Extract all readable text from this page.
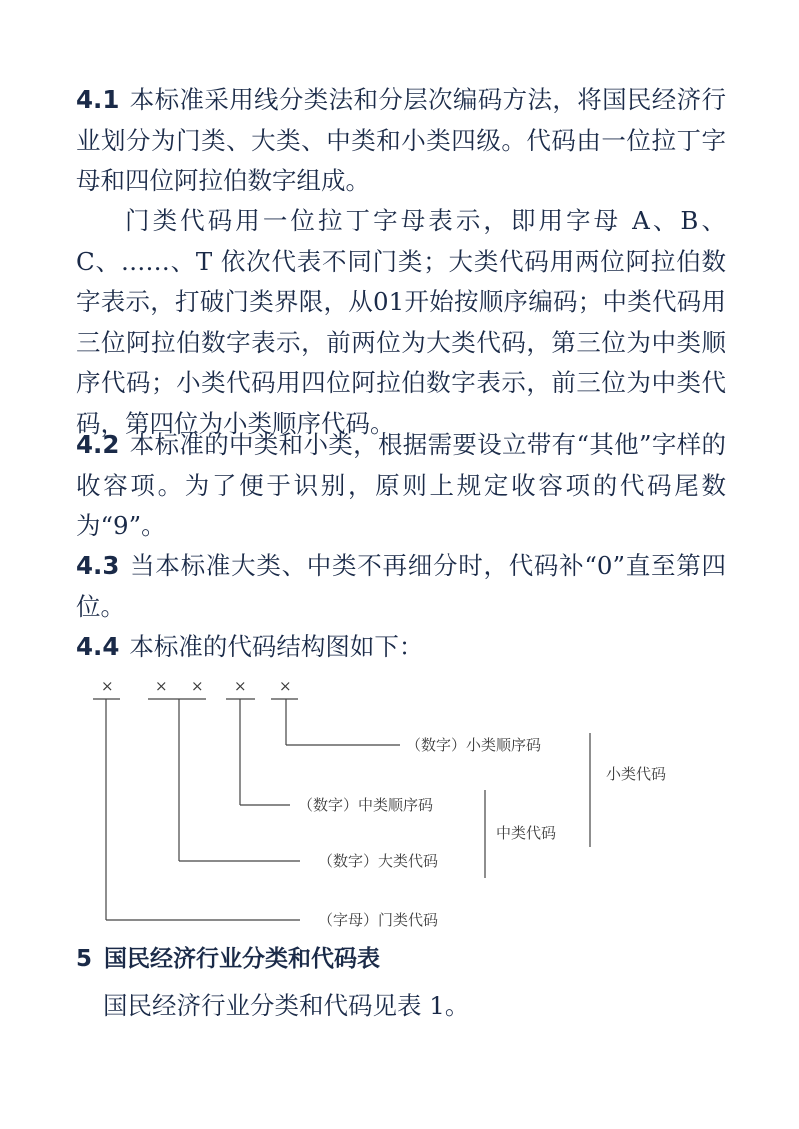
4.1 本标准采用线分类法和分层次编码方法，将国民经济行业划分为门类、大类、中类和小类四级。代码由一位拉丁字母和四位阿拉伯数字组成。

门类代码用一位拉丁字母表示，即用字母 A、B、C、……、T 依次代表不同门类；大类代码用两位阿拉伯数字表示，打破门类界限，从01开始按顺序编码；中类代码用三位阿拉伯数字表示，前两位为大类代码，第三位为中类顺序代码；小类代码用四位阿拉伯数字表示，前三位为中类代码，第四位为小类顺序代码。

4.2 本标准的中类和小类，根据需要设立带有“其他”字样的收容项。为了便于识别，原则上规定收容项的代码尾数为“9”。

4.3 当本标准大类、中类不再细分时，代码补“0”直至第四位。

4.4 本标准的代码结构图如下：

×	× × × ×
（数字）小类顺序码
（数字）中类顺序码
（数字）大类代码
（字母）门类代码
小类代码
中类代码
5 国民经济行业分类和代码表

国民经济行业分类和代码见表 1。
